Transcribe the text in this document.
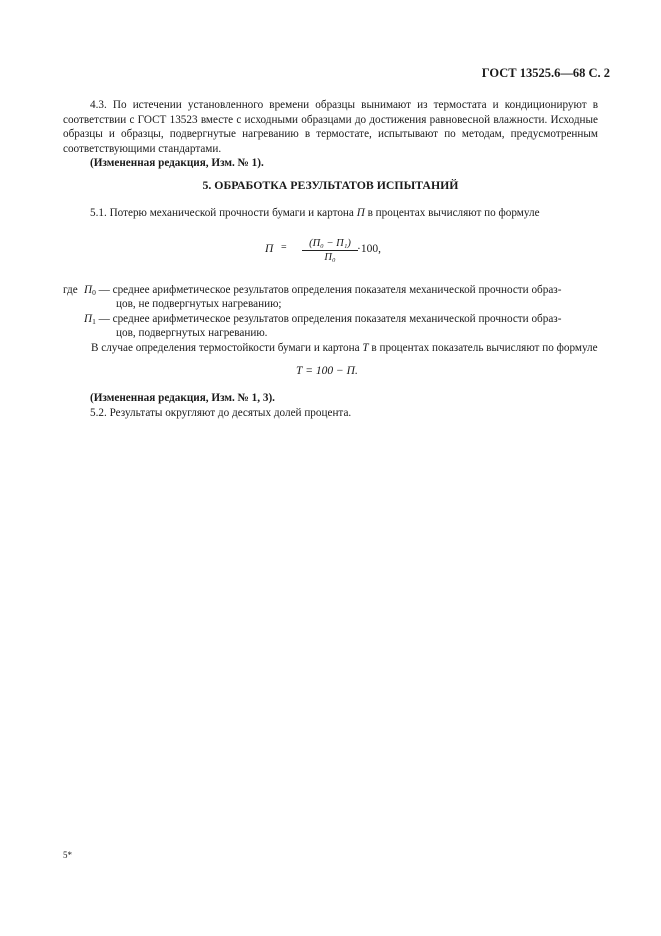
ГОСТ 13525.6—68 С. 2
4.3. По истечении установленного времени образцы вынимают из термостата и кондиционируют в соответствии с ГОСТ 13523 вместе с исходными образцами до достижения равновесной влажности. Исходные образцы и образцы, подвергнутые нагреванию в термостате, испытывают по методам, предусмотренным соответствующими стандартами.
(Измененная редакция, Изм. № 1).
5. ОБРАБОТКА РЕЗУЛЬТАТОВ ИСПЫТАНИЙ
5.1. Потерю механической прочности бумаги и картона П в процентах вычисляют по формуле
П =	(П₀ − П₁)
П₀
·100,
где $П_0$ — среднее арифметическое результатов определения показателя механической прочности образ-
цов, не подвергнутых нагреванию;
$П_1$ — среднее арифметическое результатов определения показателя механической прочности образ-
цов, подвергнутых нагреванию.
В случае определения термостойкости бумаги и картона Т в процентах показатель вычисляют по формуле
Т = 100 − П.
(Измененная редакция, Изм. № 1, 3).
5.2. Результаты округляют до десятых долей процента.
5*
